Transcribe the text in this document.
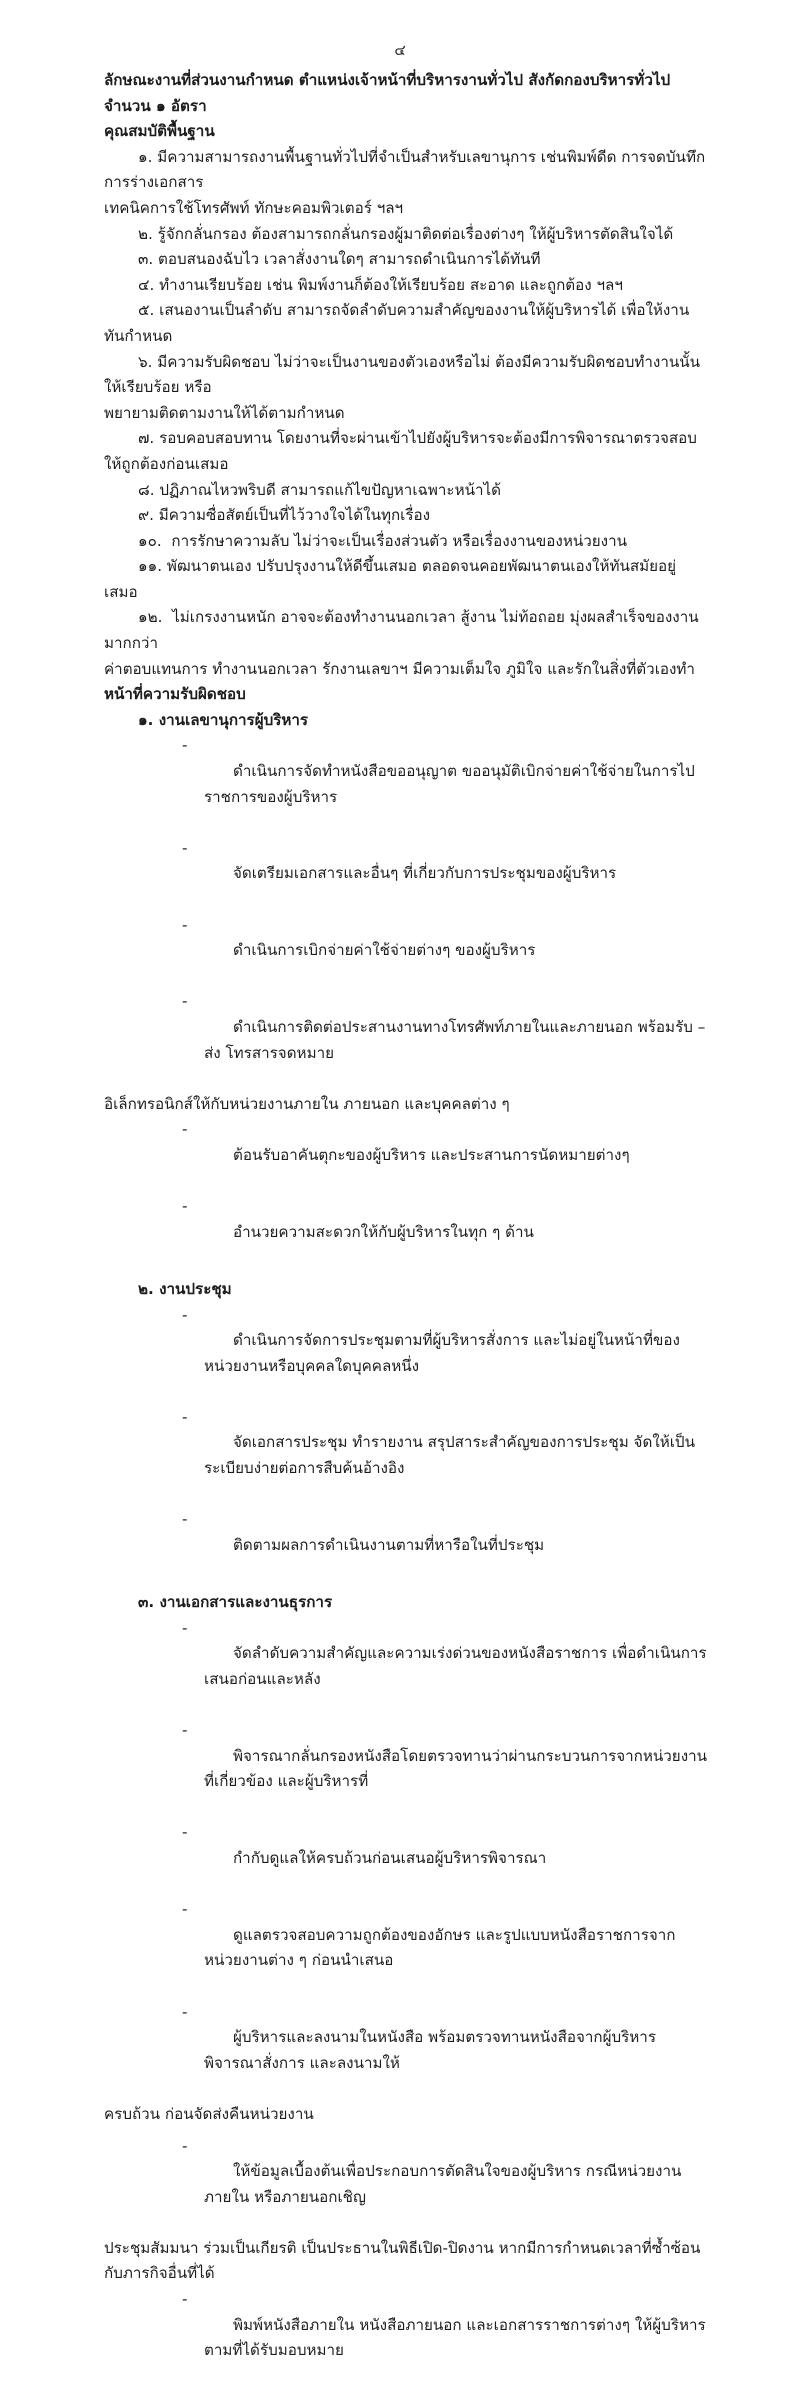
๔
ลักษณะงานที่ส่วนงานกำหนด ตำแหน่งเจ้าหน้าที่บริหารงานทั่วไป สังกัดกองบริหารทั่วไป จำนวน ๑ อัตรา
คุณสมบัติพื้นฐาน
๑. มีความสามารถงานพื้นฐานทั่วไปที่จำเป็นสำหรับเลขานุการ เช่นพิมพ์ดีด การจดบันทึก การร่างเอกสาร
เทคนิคการใช้โทรศัพท์ ทักษะคอมพิวเตอร์ ฯลฯ
๒. รู้จักกลั่นกรอง ต้องสามารถกลั่นกรองผู้มาติดต่อเรื่องต่างๆ ให้ผู้บริหารตัดสินใจได้
๓. ตอบสนองฉับไว เวลาสั่งงานใดๆ สามารถดำเนินการได้ทันที
๔. ทำงานเรียบร้อย เช่น พิมพ์งานก็ต้องให้เรียบร้อย สะอาด และถูกต้อง ฯลฯ
๕. เสนองานเป็นลำดับ สามารถจัดลำดับความสำคัญของงานให้ผู้บริหารได้ เพื่อให้งานทันกำหนด
๖. มีความรับผิดชอบ ไม่ว่าจะเป็นงานของตัวเองหรือไม่ ต้องมีความรับผิดชอบทำงานนั้นให้เรียบร้อย หรือ
พยายามติดตามงานให้ได้ตามกำหนด
๗. รอบคอบสอบทาน โดยงานที่จะผ่านเข้าไปยังผู้บริหารจะต้องมีการพิจารณาตรวจสอบให้ถูกต้องก่อนเสมอ
๘. ปฏิภาณไหวพริบดี สามารถแก้ไขปัญหาเฉพาะหน้าได้
๙. มีความซื่อสัตย์เป็นที่ไว้วางใจได้ในทุกเรื่อง
๑๐.  การรักษาความลับ ไม่ว่าจะเป็นเรื่องส่วนตัว หรือเรื่องงานของหน่วยงาน
๑๑. พัฒนาตนเอง ปรับปรุงงานให้ดีขึ้นเสมอ ตลอดจนคอยพัฒนาตนเองให้ทันสมัยอยู่เสมอ
๑๒.  ไม่เกรงงานหนัก อาจจะต้องทำงานนอกเวลา สู้งาน ไม่ท้อถอย มุ่งผลสำเร็จของงานมากกว่า
ค่าตอบแทนการ ทำงานนอกเวลา รักงานเลขาฯ มีความเต็มใจ ภูมิใจ และรักในสิ่งที่ตัวเองทำ
หน้าที่ความรับผิดชอบ
๑. งานเลขานุการผู้บริหาร

-
ดำเนินการจัดทำหนังสือขออนุญาต ขออนุมัติเบิกจ่ายค่าใช้จ่ายในการไปราชการของผู้บริหาร

-
จัดเตรียมเอกสารและอื่นๆ ที่เกี่ยวกับการประชุมของผู้บริหาร

-
ดำเนินการเบิกจ่ายค่าใช้จ่ายต่างๆ ของผู้บริหาร

-
ดำเนินการติดต่อประสานงานทางโทรศัพท์ภายในและภายนอก พร้อมรับ – ส่ง โทรสารจดหมาย

อิเล็กทรอนิกส์ให้กับหน่วยงานภายใน ภายนอก และบุคคลต่าง ๆ

-
ต้อนรับอาคันตุกะของผู้บริหาร และประสานการนัดหมายต่างๆ

-
อำนวยความสะดวกให้กับผู้บริหารในทุก ๆ ด้าน

๒. งานประชุม

-
ดำเนินการจัดการประชุมตามที่ผู้บริหารสั่งการ และไม่อยู่ในหน้าที่ของหน่วยงานหรือบุคคลใดบุคคลหนึ่ง

-
จัดเอกสารประชุม ทำรายงาน สรุปสาระสำคัญของการประชุม จัดให้เป็นระเบียบง่ายต่อการสืบค้นอ้างอิง

-
ติดตามผลการดำเนินงานตามที่หารือในที่ประชุม

๓. งานเอกสารและงานธุรการ

-
จัดลำดับความสำคัญและความเร่งด่วนของหนังสือราชการ เพื่อดำเนินการเสนอก่อนและหลัง

-
พิจารณากลั่นกรองหนังสือโดยตรวจทานว่าผ่านกระบวนการจากหน่วยงานที่เกี่ยวข้อง และผู้บริหารที่

-
กำกับดูแลให้ครบถ้วนก่อนเสนอผู้บริหารพิจารณา

-
ดูแลตรวจสอบความถูกต้องของอักษร และรูปแบบหนังสือราชการจากหน่วยงานต่าง ๆ ก่อนนำเสนอ

-
ผู้บริหารและลงนามในหนังสือ พร้อมตรวจทานหนังสือจากผู้บริหารพิจารณาสั่งการ และลงนามให้

ครบถ้วน ก่อนจัดส่งคืนหน่วยงาน

-
ให้ข้อมูลเบื้องต้นเพื่อประกอบการตัดสินใจของผู้บริหาร กรณีหน่วยงานภายใน หรือภายนอกเชิญ

ประชุมสัมมนา ร่วมเป็นเกียรติ เป็นประธานในพิธีเปิด-ปิดงาน หากมีการกำหนดเวลาที่ซ้ำซ้อนกับภารกิจอื่นที่ได้

-
พิมพ์หนังสือภายใน หนังสือภายนอก และเอกสารราชการต่างๆ ให้ผู้บริหารตามที่ได้รับมอบหมาย
